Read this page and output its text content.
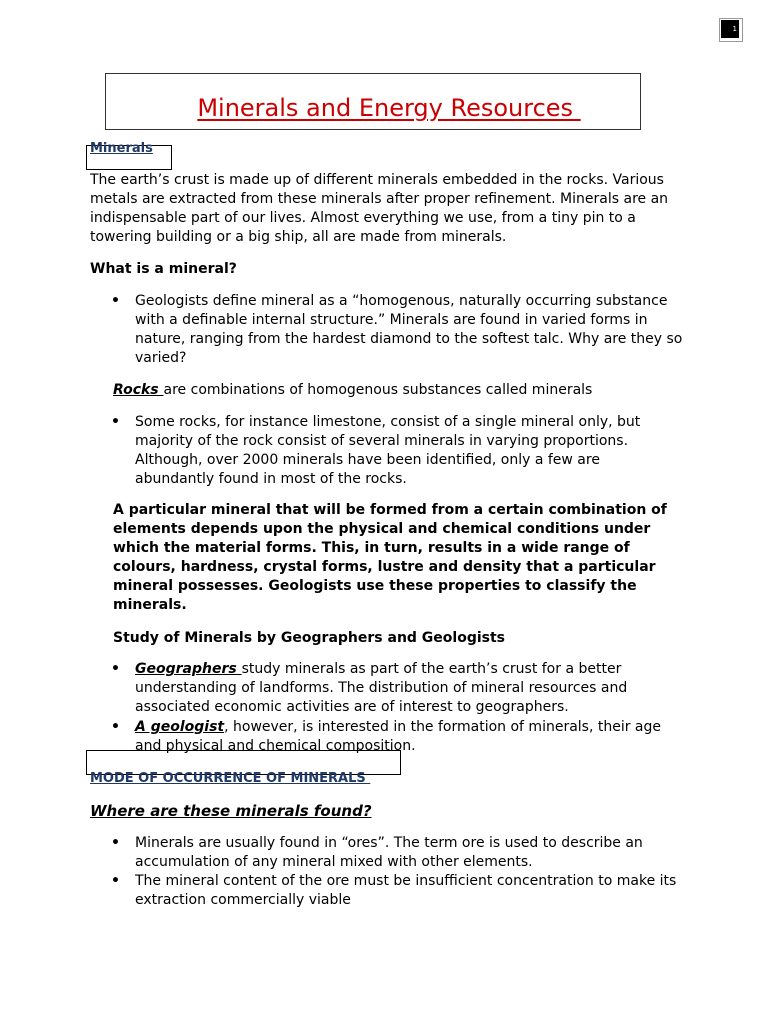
1
Minerals and Energy Resources
Minerals
The earth’s crust is made up of different minerals embedded in the rocks. Various metals are extracted from these minerals after proper refinement. Minerals are an indispensable part of our lives. Almost everything we use, from a tiny pin to a towering building or a big ship, all are made from minerals.
What is a mineral?
• Geologists define mineral as a “homogenous, naturally occurring substance with a definable internal structure.” Minerals are found in varied forms in nature, ranging from the hardest diamond to the softest talc. Why are they so varied?
Rocks are combinations of homogenous substances called minerals
• Some rocks, for instance limestone, consist of a single mineral only, but majority of the rock consist of several minerals in varying proportions. Although, over 2000 minerals have been identified, only a few are abundantly found in most of the rocks.
A particular mineral that will be formed from a certain combination of elements depends upon the physical and chemical conditions under which the material forms. This, in turn, results in a wide range of colours, hardness, crystal forms, lustre and density that a particular mineral possesses. Geologists use these properties to classify the minerals.
Study of Minerals by Geographers and Geologists
• Geographers study minerals as part of the earth’s crust for a better understanding of landforms. The distribution of mineral resources and associated economic activities are of interest to geographers.
• A geologist, however, is interested in the formation of minerals, their age and physical and chemical composition.
MODE OF OCCURRENCE OF MINERALS
Where are these minerals found?
• Minerals are usually found in “ores”. The term ore is used to describe an accumulation of any mineral mixed with other elements.
• The mineral content of the ore must be insufficient concentration to make its extraction commercially viable
